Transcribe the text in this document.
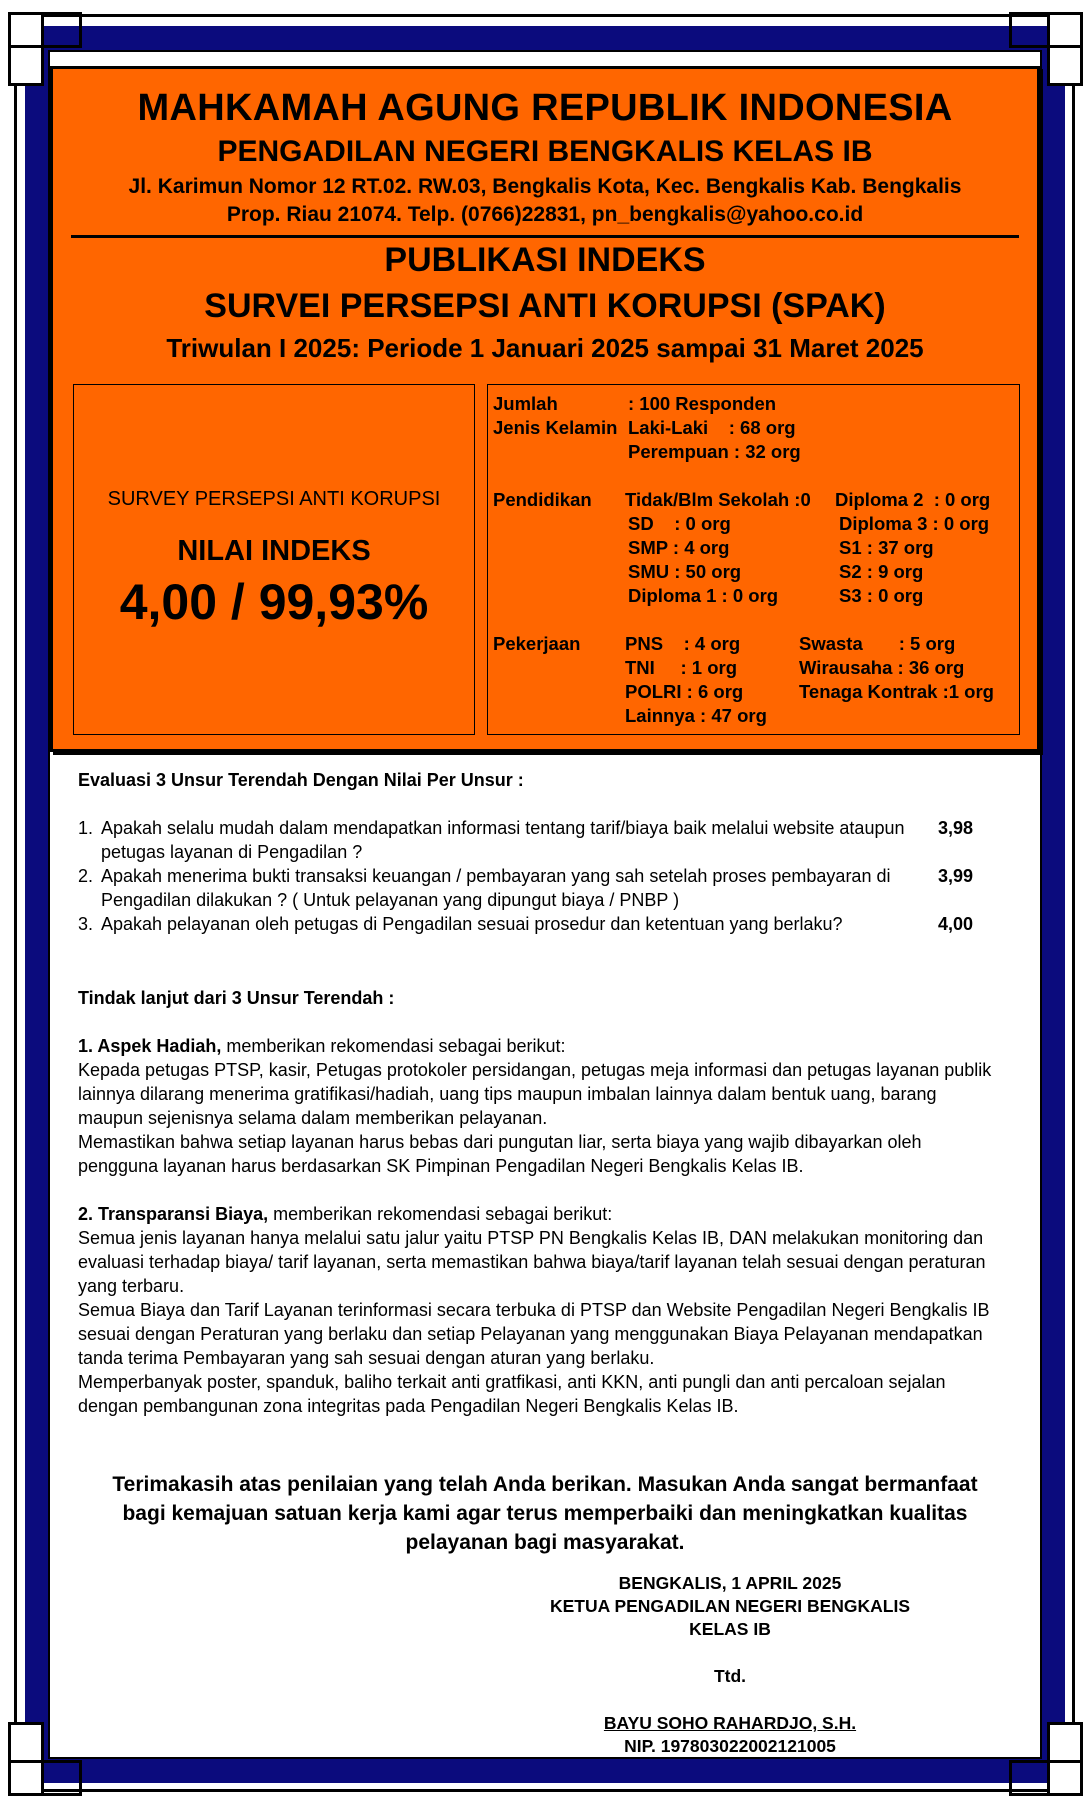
MAHKAMAH AGUNG REPUBLIK INDONESIA
PENGADILAN NEGERI BENGKALIS KELAS IB
Jl. Karimun Nomor 12 RT.02. RW.03, Bengkalis Kota, Kec. Bengkalis Kab. Bengkalis
Prop. Riau 21074. Telp. (0766)22831, pn_bengkalis@yahoo.co.id
PUBLIKASI INDEKS
SURVEI PERSEPSI ANTI KORUPSI (SPAK)
Triwulan I 2025: Periode 1 Januari 2025 sampai 31 Maret 2025
SURVEY PERSEPSI ANTI KORUPSI
NILAI INDEKS
4,00 / 99,93%
Jumlah	: 100 Responden
Jenis Kelamin Laki-Laki    : 68 org
Perempuan : 32 org
Pendidikan Tidak/Blm Sekolah :0
SD    : 0 org
SMP : 4 org
SMU : 50 org
Diploma 1 : 0 org
Diploma 2  : 0 org
Diploma 3 : 0 org
S1 : 37 org
S2 : 9 org
S3 : 0 org
Pekerjaan PNS    : 4 org
TNI     : 1 org
POLRI : 6 org
Lainnya : 47 org
Swasta       : 5 org
Wirausaha : 36 org
Tenaga Kontrak :1 org
Evaluasi 3 Unsur Terendah Dengan Nilai Per Unsur :
1. Apakah selalu mudah dalam mendapatkan informasi tentang tarif/biaya baik melalui website ataupun petugas layanan di Pengadilan ?
3,98
2. Apakah menerima bukti transaksi keuangan / pembayaran yang sah setelah proses pembayaran di Pengadilan dilakukan ? ( Untuk pelayanan yang dipungut biaya / PNBP )
3,99
3. Apakah pelayanan oleh petugas di Pengadilan sesuai prosedur dan ketentuan yang berlaku?	4,00
Tindak lanjut dari 3 Unsur Terendah :
1. Aspek Hadiah, memberikan rekomendasi sebagai berikut:
Kepada petugas PTSP, kasir, Petugas protokoler persidangan, petugas meja informasi dan petugas layanan publik lainnya dilarang menerima gratifikasi/hadiah, uang tips maupun imbalan lainnya dalam bentuk uang, barang maupun sejenisnya selama dalam memberikan pelayanan.
Memastikan bahwa setiap layanan harus bebas dari pungutan liar, serta biaya yang wajib dibayarkan oleh pengguna layanan harus berdasarkan SK Pimpinan Pengadilan Negeri Bengkalis Kelas IB.
2. Transparansi Biaya, memberikan rekomendasi sebagai berikut:
Semua jenis layanan hanya melalui satu jalur yaitu PTSP PN Bengkalis Kelas IB, DAN melakukan monitoring dan evaluasi terhadap biaya/ tarif layanan, serta memastikan bahwa biaya/tarif layanan telah sesuai dengan peraturan yang terbaru.
Semua Biaya dan Tarif Layanan terinformasi secara terbuka di PTSP dan Website Pengadilan Negeri Bengkalis IB sesuai dengan Peraturan yang berlaku dan setiap Pelayanan yang menggunakan Biaya Pelayanan mendapatkan tanda terima Pembayaran yang sah sesuai dengan aturan yang berlaku.
Memperbanyak poster, spanduk, baliho terkait anti gratfikasi, anti KKN, anti pungli dan anti percaloan sejalan dengan pembangunan zona integritas pada Pengadilan Negeri Bengkalis Kelas IB.
Terimakasih atas penilaian yang telah Anda berikan. Masukan Anda sangat bermanfaat bagi kemajuan satuan kerja kami agar terus memperbaiki dan meningkatkan kualitas pelayanan bagi masyarakat.
BENGKALIS, 1 APRIL 2025
KETUA PENGADILAN NEGERI BENGKALIS
KELAS IB
Ttd.
BAYU SOHO RAHARDJO, S.H.
NIP. 197803022002121005
